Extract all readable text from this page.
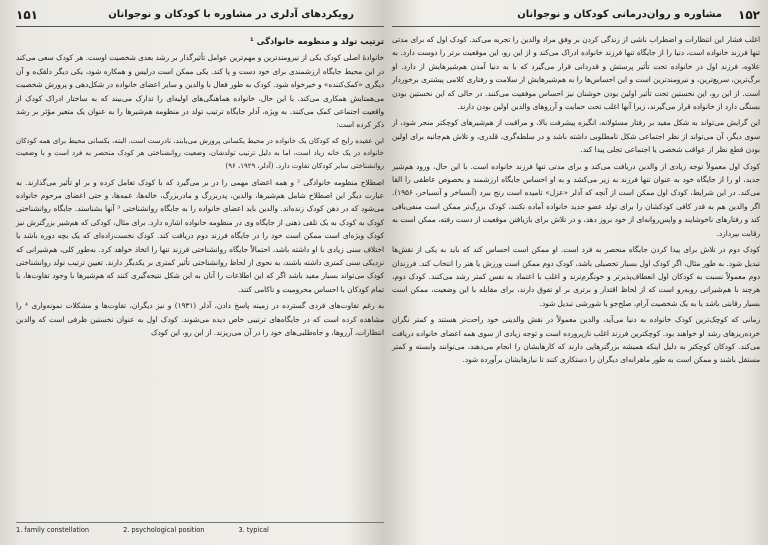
۱۵۱	رویکردهای آدلری در مشاوره با کودکان و نوجوانان
ترتیب تولد و منظومه خانوادگی ¹

خانوادهٔ اصلی کودک یکی از نیرومندترین و مهم‌ترین عوامل تأثیرگذار بر رشد بعدی شخصیت اوست. هر کودک سعی می‌کند در این محیط جایگاه ارزشمندی برای خود دست و پا کند. یکی ممکن است درلیس و همکاره شود، یکی دیگر دلقک‌ه و آن دیگری «کمک‌کننده» و خیرخواه شود. کودک به طور فعال با والدین و سایر اعضای خانواده در شکل‌دهی و پرورش شخصیت می‌همتایش همکاری می‌کند. با این حال، خانواده هماهنگی‌های اولیه‌ای را تدارک می‌بیند که به ساختار ادراک کودک از واقعیت اجتماعی کمک می‌کنند. به ویژه، آدلر جایگاه ترتیب تولد در منظومه هم‌شیرها را به عنوان یک متغیر مؤثر بر رشد ذکر کرده است:

این عقیده رایج که کودکان یک خانواده در محیط یکسانی پرورش می‌یابند، نادرست است. البته، یکسانی محیط برای همه کودکان خانواده در یک خانه زیاد است، اما به دلیل ترتیب تولدشان، وضعیت روانشناختی هر کودک منحصر به فرد است و با وضعیت روانشناختی سایر کودکان تفاوت دارد. (آدلر، ۱۹۲۹، ۹۶)

اصطلاح منظومه خانوادگی ² و همه اعضای مهمی را در بر می‌گیرد که با کودک تعامل کرده و بر او تأثیر می‌گذارند. به عبارت دیگر این اصطلاح شامل هم‌شیرها، والدین، پدربزرگ و مادربزرگ، خاله‌ها، عمه‌ها، و حتی اعضای مرحوم خانواده می‌شود که در ذهن کودک زنده‌اند. والدین باید اعضای خانواده را به جایگاه روانشناختی ³ آنها بشناسند. جایگاه روانشناختی کودک به کودک به یک تلقی ذهنی از جایگاه وی در منظومه خانواده اشاره دارد. برای مثال، کودکی که هم‌شیر بزرگترش نیز کودک ویژه‌ای است ممکن است خود را در جایگاه فرزند دوم دریافت کند. کودک نخست‌زاده‌ای که یک بچه دوره باشد یا اختلاف سنی زیادی با او داشته باشد، احتمالاً جایگاه روانشناختی فرزند تنها را اتخاذ خواهد کرد. به‌طور کلی، هم‌شیرانی که نزدیکی سنی کمتری داشته باشند، به نحوی از لحاظ روانشناختی تأثیر کمتری بر یکدیگر دارند. تعیین ترتیب تولد روانشناختی کودک می‌تواند بسیار مفید باشد اگر که این اطلاعات را آنان به این شکل نتیجه‌گیری کنند که هم‌شیرها با وجود تفاوت‌ها، با تمام کودکان با احساس محرومیت و ناکامی کنند.

به رغم تفاوت‌های فردی گسترده در زمینه پاسخ دادن، آدلر (۱۹۳۱) و نیز دیگران، تفاوت‌ها و مشکلات نمونه‌واری ⁴ را مشاهده کرده است که در جایگاه‌های ترتیبی خاص دیده می‌شوند. کودک اول به عنوان نخستین ظرفی است که والدین انتظارات، آرزوها، و جاه‌طلبی‌های خود را در آن می‌ریزند. از این رو، این کودک

1. family constellation	2. psychological position	3. typical
۱۵۲
مشاوره و روان‌درمانی کودکان و نوجوانان

اغلب فشار این انتظارات و اضطراب ناشی از زندگی کردن بر وفق مراد والدین را تجربه می‌کند. کودک اول که برای مدتی تنها فرزند خانواده است، دنیا را از جایگاه تنها فرزند خانواده ادراک می‌کند و از این رو، این موقعیت برتر را دوست دارد. به علاوه، فرزند اول در خانواده تحت تأثیر پرستش و قدردانی قرار می‌گیرد که با به دنیا آمدن هم‌شیرهایش از دارد. او برگ‌ترین، سریع‌ترین، و نیرومندترین است و این احساس‌ها را به هم‌شیرهایش از سلامت و رفتاری کلامی پیشتری برخوردار است. از این رو، این نخستین تحت تأثیر اولین بودن خوشنان نیز احساس موفقیت می‌کنند. در حالی که این نخستین بودن بستگی دارد از خانواده قرار می‌گیرند، زیرا آنها اغلب تحت حمایت و آرزوهای والدین اولین بودن دارند.

این گرایش می‌تواند به شکل مفید بر رفتار مسئولانه، انگیزه پیشرفت بالا، و مراقبت از هم‌شیرهای کوچکتر منجر شود، از سوی دیگر، آن می‌تواند از نظر اجتماعی شکل نامطلوبی داشته باشد و در سلطه‌گری، قلدری، و تلاش هم‌جانبه برای اولین بودن قطع نظر از عواقب شخصی یا اجتماعی تجلی پیدا کند.

کودک اول معمولاً توجه زیادی از والدین دریافت می‌کند و برای مدتی تنها فرزند خانواده است. با این حال، ورود هم‌شیر جدید، او را از جایگاه خود به عنوان تنها فرزند به زیر می‌کشد و به او احساس جایگاه ارزشمند و بخصوص عاطفی را القا می‌کند. در این شرایط، کودک اول ممکن است از آنچه که آدلر «عزل» تامیده است رنج ببرد (آنسباخر و آنسباخر، ۱۹۵۶). اگر والدین هم به قدر کافی کودکشان را برای تولد عضو جدید خانواده آماده نکنند، کودک بزرگ‌تر ممکن است منفی‌بافی کند و رفتارهای ناخوشایند و واپس‌روانه‌ای از خود بروز دهد، و در تلاش برای بازیافتن موقعیت از دست رفته، ممکن است به رقابت بپردازد.

کودک دوم در تلاش برای پیدا کردن جایگاه منحصر به فرد است. او ممکن است احساس کند که باید به یکی از نقش‌ها تبدیل شود. به طور مثال، اگر کودک اول بسیار تحصیلی باشد، کودک دوم ممکن است ورزش یا هنر را انتخاب کند. فرزندان دوم معمولاً نسبت به کودکان اول انعطاف‌پذیرتر و خونگرم‌ترند و اغلب با اعتماد به نفس کمتر رشد می‌کنند. کودک دوم، هرچند با هم‌شیرانی روبه‌رو است که از لحاظ اقتدار و برتری بر او تفوق دارند، برای مقابله با این وضعیت، ممکن است بسیار رقابتی باشد یا به یک شخصیت آرام، صلح‌جو یا شورشی تبدیل شود.

زمانی که کوچک‌ترین کودک خانواده به دنیا می‌آید، والدین معمولاً در نقش والدینی خود راحت‌تر هستند و کمتر نگران خرده‌ریزهای رشد او خواهند بود. کوچکترین فرزند اغلب نازپرورده است و توجه زیادی از سوی همه اعضای خانواده دریافت می‌کند. کودکان کوچکتر به دلیل اینکه همیشه بزرگترهایی دارند که کارهایشان را انجام می‌دهند، می‌توانند وابسته و کمتر مستقل باشند و ممکن است به طور ماهرانه‌ای دیگران را دستکاری کنند تا نیازهایشان برآورده شود.
